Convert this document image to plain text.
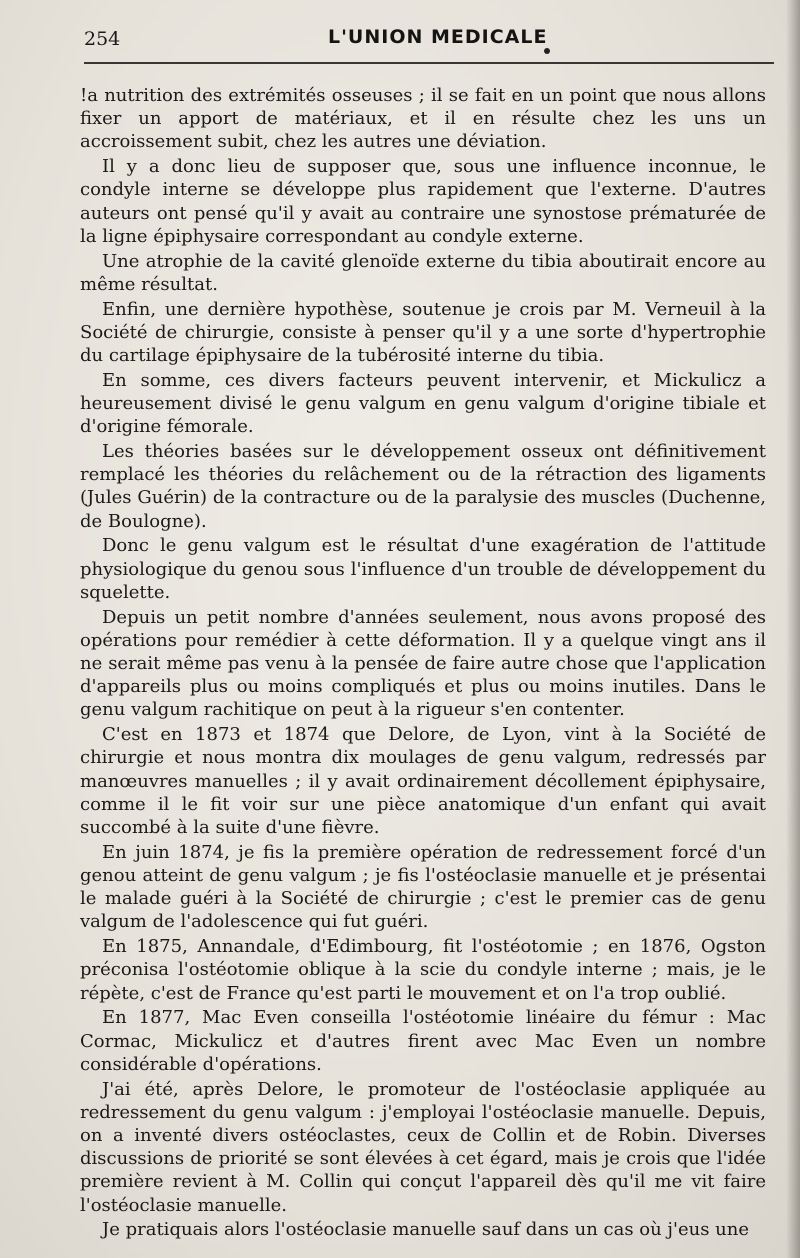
254	L'UNION MEDICALE

!a nutrition des extrémités osseuses ; il se fait en un point que nous allons fixer un apport de matériaux, et il en résulte chez les uns un accroissement subit, chez les autres une déviation.

Il y a donc lieu de supposer que, sous une influence inconnue, le condyle interne se développe plus rapidement que l'externe. D'autres auteurs ont pensé qu'il y avait au contraire une synostose prématurée de la ligne épiphysaire correspondant au condyle externe.

Une atrophie de la cavité glenoïde externe du tibia aboutirait encore au même résultat.

Enfin, une dernière hypothèse, soutenue je crois par M. Verneuil à la Société de chirurgie, consiste à penser qu'il y a une sorte d'hypertrophie du cartilage épiphysaire de la tubérosité interne du tibia.

En somme, ces divers facteurs peuvent intervenir, et Mickulicz a heureusement divisé le genu valgum en genu valgum d'origine tibiale et d'origine fémorale.

Les théories basées sur le développement osseux ont définitivement remplacé les théories du relâchement ou de la rétraction des ligaments (Jules Guérin) de la contracture ou de la paralysie des muscles (Duchenne, de Boulogne).

Donc le genu valgum est le résultat d'une exagération de l'attitude physiologique du genou sous l'influence d'un trouble de développement du squelette.

Depuis un petit nombre d'années seulement, nous avons proposé des opérations pour remédier à cette déformation. Il y a quelque vingt ans il ne serait même pas venu à la pensée de faire autre chose que l'application d'appareils plus ou moins compliqués et plus ou moins inutiles. Dans le genu valgum rachitique on peut à la rigueur s'en contenter.

C'est en 1873 et 1874 que Delore, de Lyon, vint à la Société de chirurgie et nous montra dix moulages de genu valgum, redressés par manœuvres manuelles ; il y avait ordinairement décollement épiphysaire, comme il le fit voir sur une pièce anatomique d'un enfant qui avait succombé à la suite d'une fièvre.

En juin 1874, je fis la première opération de redressement forcé d'un genou atteint de genu valgum ; je fis l'ostéoclasie manuelle et je présentai le malade guéri à la Société de chirurgie ; c'est le premier cas de genu valgum de l'adolescence qui fut guéri.

En 1875, Annandale, d'Edimbourg, fit l'ostéotomie ; en 1876, Ogston préconisa l'ostéotomie oblique à la scie du condyle interne ; mais, je le répète, c'est de France qu'est parti le mouvement et on l'a trop oublié.

En 1877, Mac Even conseilla l'ostéotomie linéaire du fémur : Mac Cormac, Mickulicz et d'autres firent avec Mac Even un nombre considérable d'opérations.

J'ai été, après Delore, le promoteur de l'ostéoclasie appliquée au redressement du genu valgum : j'employai l'ostéoclasie manuelle. Depuis, on a inventé divers ostéoclastes, ceux de Collin et de Robin. Diverses discussions de priorité se sont élevées à cet égard, mais je crois que l'idée première revient à M. Collin qui conçut l'appareil dès qu'il me vit faire l'ostéoclasie manuelle.

Je pratiquais alors l'ostéoclasie manuelle sauf dans un cas où j'eus une
